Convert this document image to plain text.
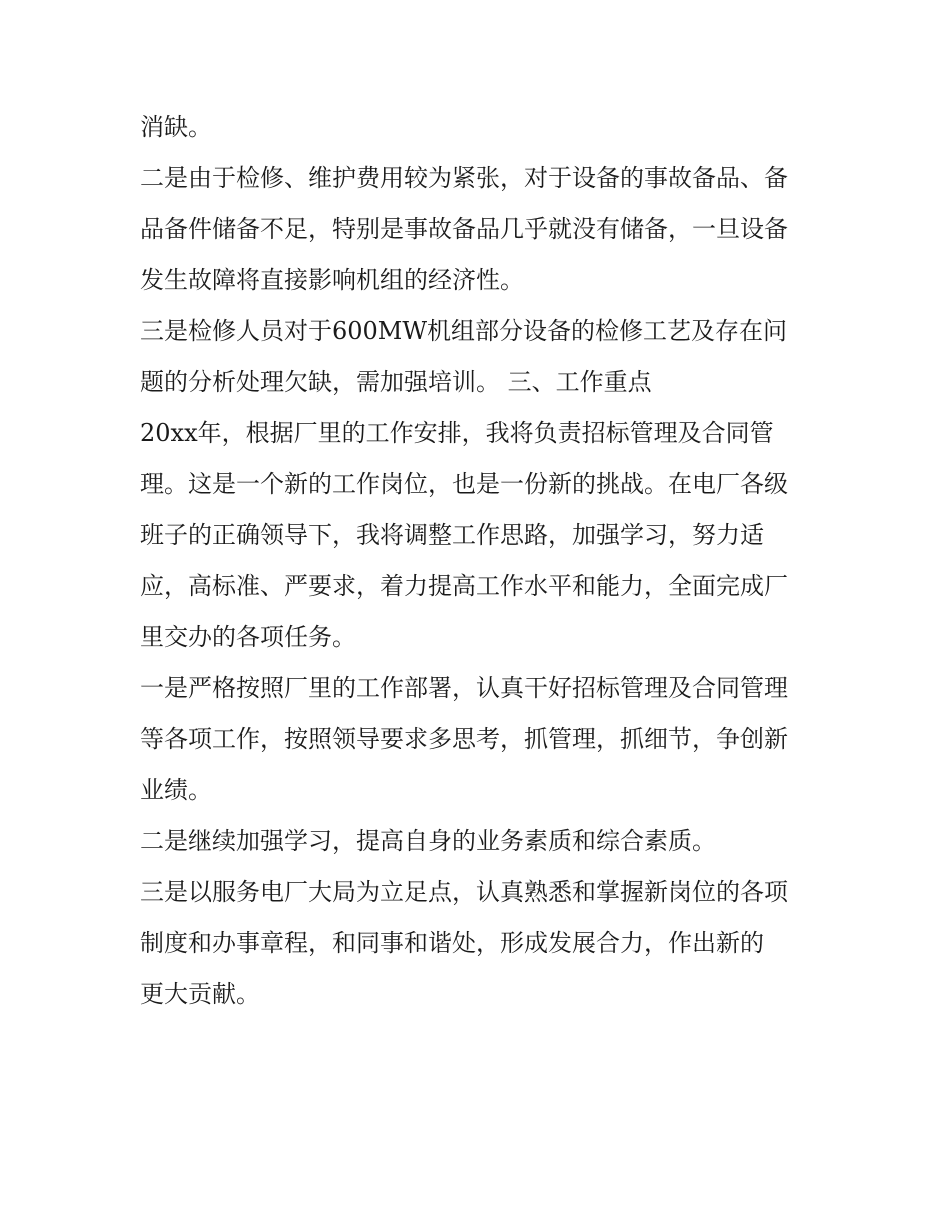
消缺。
二是由于检修、维护费用较为紧张，对于设备的事故备品、备
品备件储备不足，特别是事故备品几乎就没有储备，一旦设备
发生故障将直接影响机组的经济性。
三是检修人员对于600MW机组部分设备的检修工艺及存在问
题的分析处理欠缺，需加强培训。 三、工作重点
20xx年，根据厂里的工作安排，我将负责招标管理及合同管
理。这是一个新的工作岗位，也是一份新的挑战。在电厂各级
班子的正确领导下，我将调整工作思路，加强学习，努力适
应，高标准、严要求，着力提高工作水平和能力，全面完成厂
里交办的各项任务。
一是严格按照厂里的工作部署，认真干好招标管理及合同管理
等各项工作，按照领导要求多思考，抓管理，抓细节，争创新
业绩。
二是继续加强学习，提高自身的业务素质和综合素质。
三是以服务电厂大局为立足点，认真熟悉和掌握新岗位的各项
制度和办事章程，和同事和谐处，形成发展合力，作出新的
更大贡献。
